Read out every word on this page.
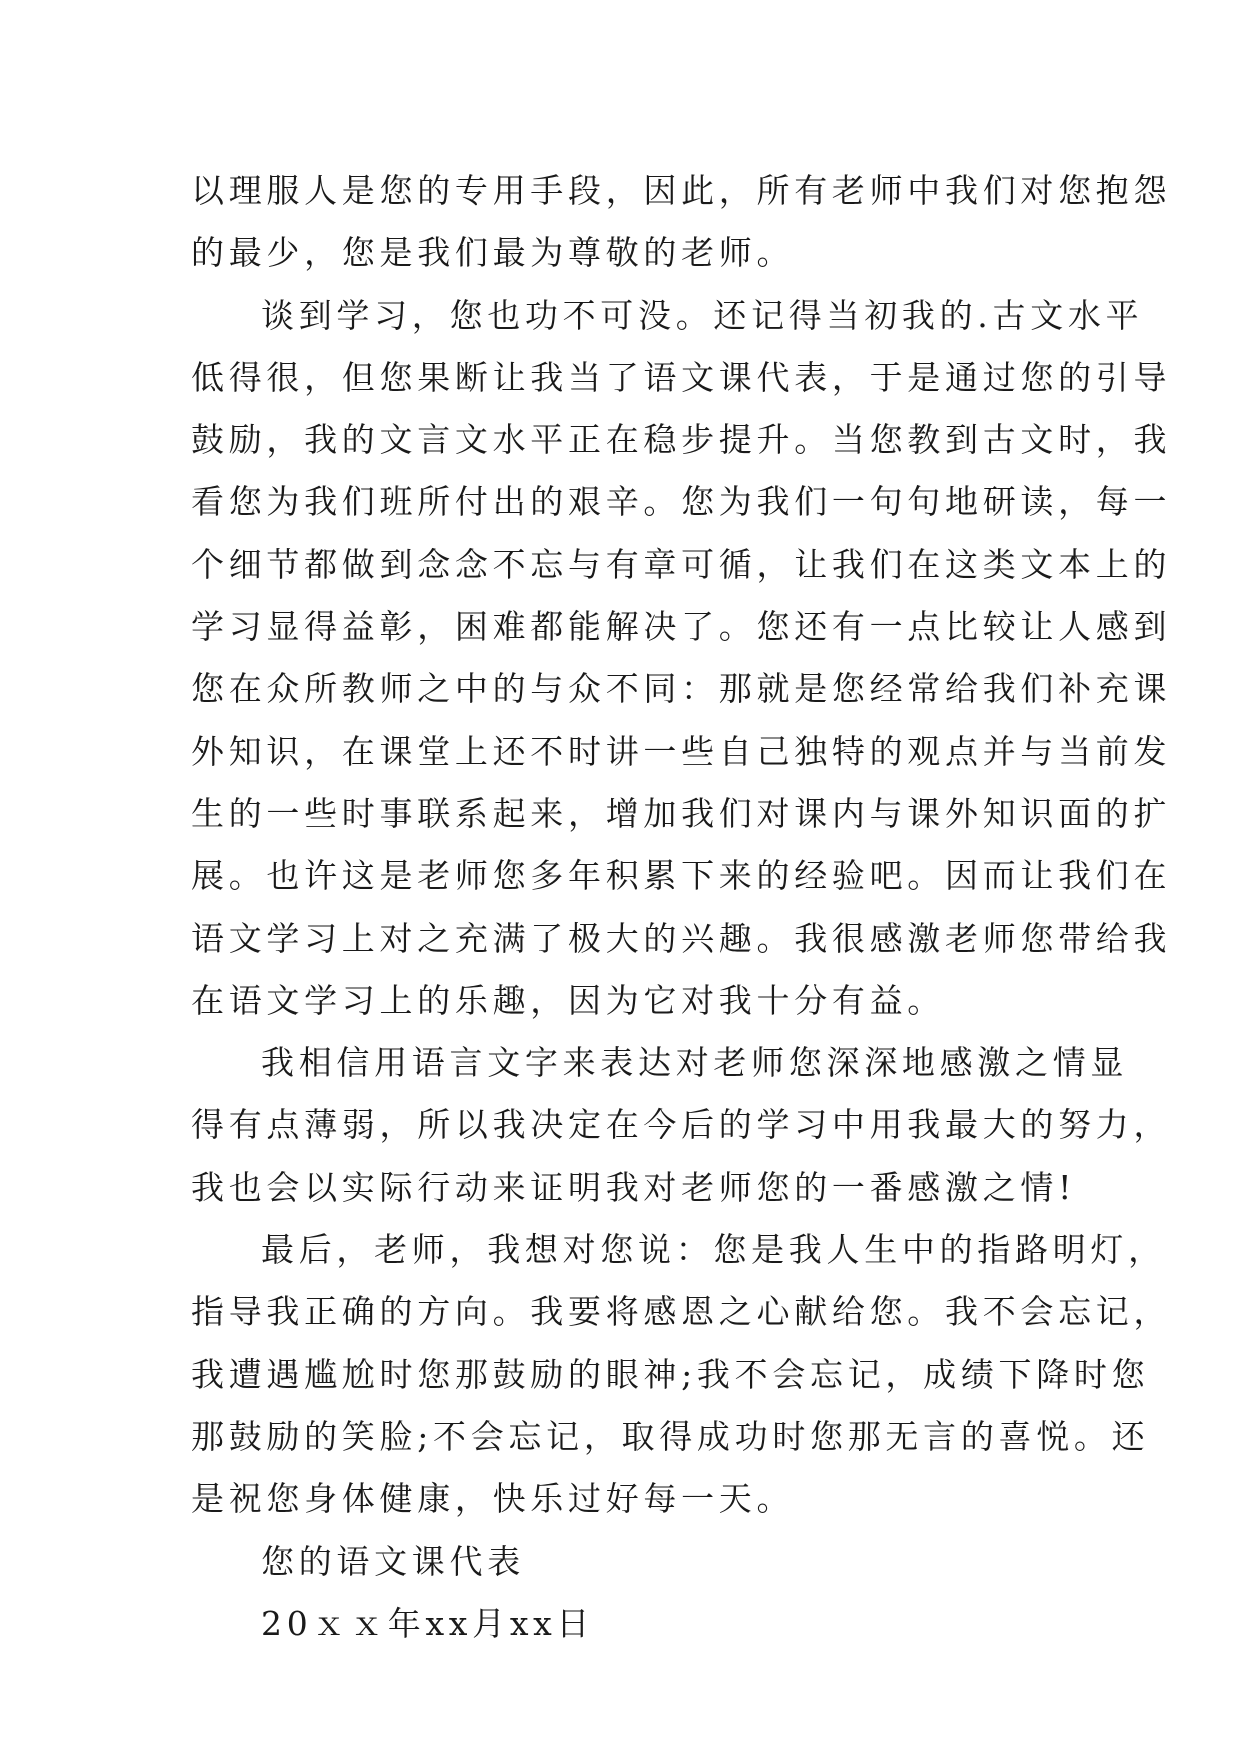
以理服人是您的专用手段，因此，所有老师中我们对您抱怨
的最少，您是我们最为尊敬的老师。
谈到学习，您也功不可没。还记得当初我的.古文水平
低得很，但您果断让我当了语文课代表，于是通过您的引导
鼓励，我的文言文水平正在稳步提升。当您教到古文时，我
看您为我们班所付出的艰辛。您为我们一句句地研读，每一
个细节都做到念念不忘与有章可循，让我们在这类文本上的
学习显得益彰，困难都能解决了。您还有一点比较让人感到
您在众所教师之中的与众不同：那就是您经常给我们补充课
外知识，在课堂上还不时讲一些自己独特的观点并与当前发
生的一些时事联系起来，增加我们对课内与课外知识面的扩
展。也许这是老师您多年积累下来的经验吧。因而让我们在
语文学习上对之充满了极大的兴趣。我很感激老师您带给我
在语文学习上的乐趣，因为它对我十分有益。
我相信用语言文字来表达对老师您深深地感激之情显
得有点薄弱，所以我决定在今后的学习中用我最大的努力，
我也会以实际行动来证明我对老师您的一番感激之情!
最后，老师，我想对您说：您是我人生中的指路明灯，
指导我正确的方向。我要将感恩之心献给您。我不会忘记，
我遭遇尴尬时您那鼓励的眼神;我不会忘记，成绩下降时您
那鼓励的笑脸;不会忘记，取得成功时您那无言的喜悦。还
是祝您身体健康，快乐过好每一天。
您的语文课代表
20ｘｘ年xx月xx日
